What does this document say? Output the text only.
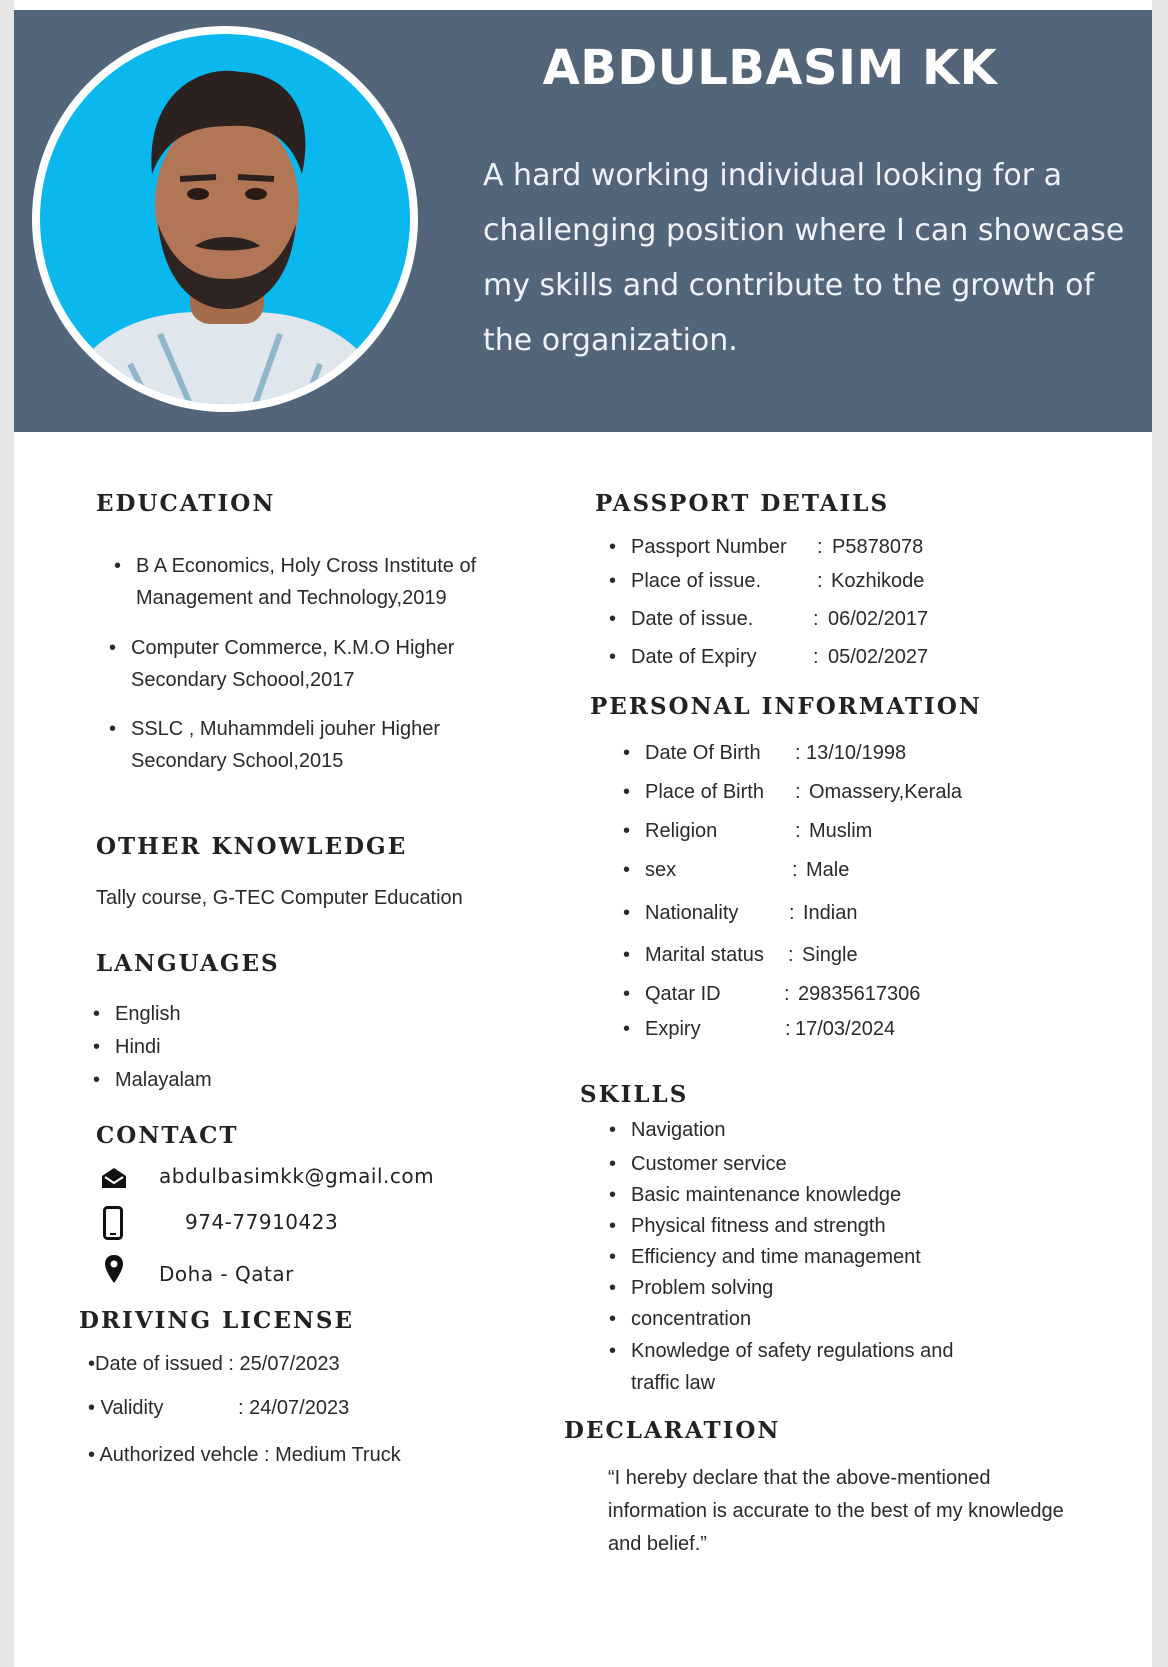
ABDULBASIM KK

A hard working individual looking for a challenging position where I can showcase my skills and contribute to the growth of the organization.

EDUCATION

• B A Economics, Holy Cross Institute of Management and Technology,2019

• Computer Commerce, K.M.O Higher Secondary Schoool,2017

• SSLC , Muhammdeli jouher Higher Secondary School,2015

OTHER KNOWLEDGE

Tally course, G-TEC Computer Education

LANGUAGES

• English

• Hindi

• Malayalam

CONTACT
abdulbasimkk@gmail.com
974-77910423
Doha - Qatar
DRIVING LICENSE

•Date of issued : 25/07/2023

• Validity	: 24/07/2023

• Authorized vehcle : Medium Truck

PASSPORT DETAILS
• Passport Number : P5878078
• Place of issue.	: Kozhikode
• Date of issue.	: 06/02/2017
• Date of Expiry	: 05/02/2027
PERSONAL INFORMATION
• Date Of Birth : 13/10/1998
• Place of Birth : Omassery,Kerala
• Religion	: Muslim
• sex	: Male
• Nationality	: Indian
• Marital status : Single
• Qatar ID	: 29835617306
• Expiry	: 17/03/2024
SKILLS

• Navigation

• Customer service

• Basic maintenance knowledge

• Physical fitness and strength

• Efficiency and time management

• Problem solving

• concentration

• Knowledge of safety regulations and traffic law

DECLARATION

“I hereby declare that the above-mentioned information is accurate to the best of my knowledge and belief.”
